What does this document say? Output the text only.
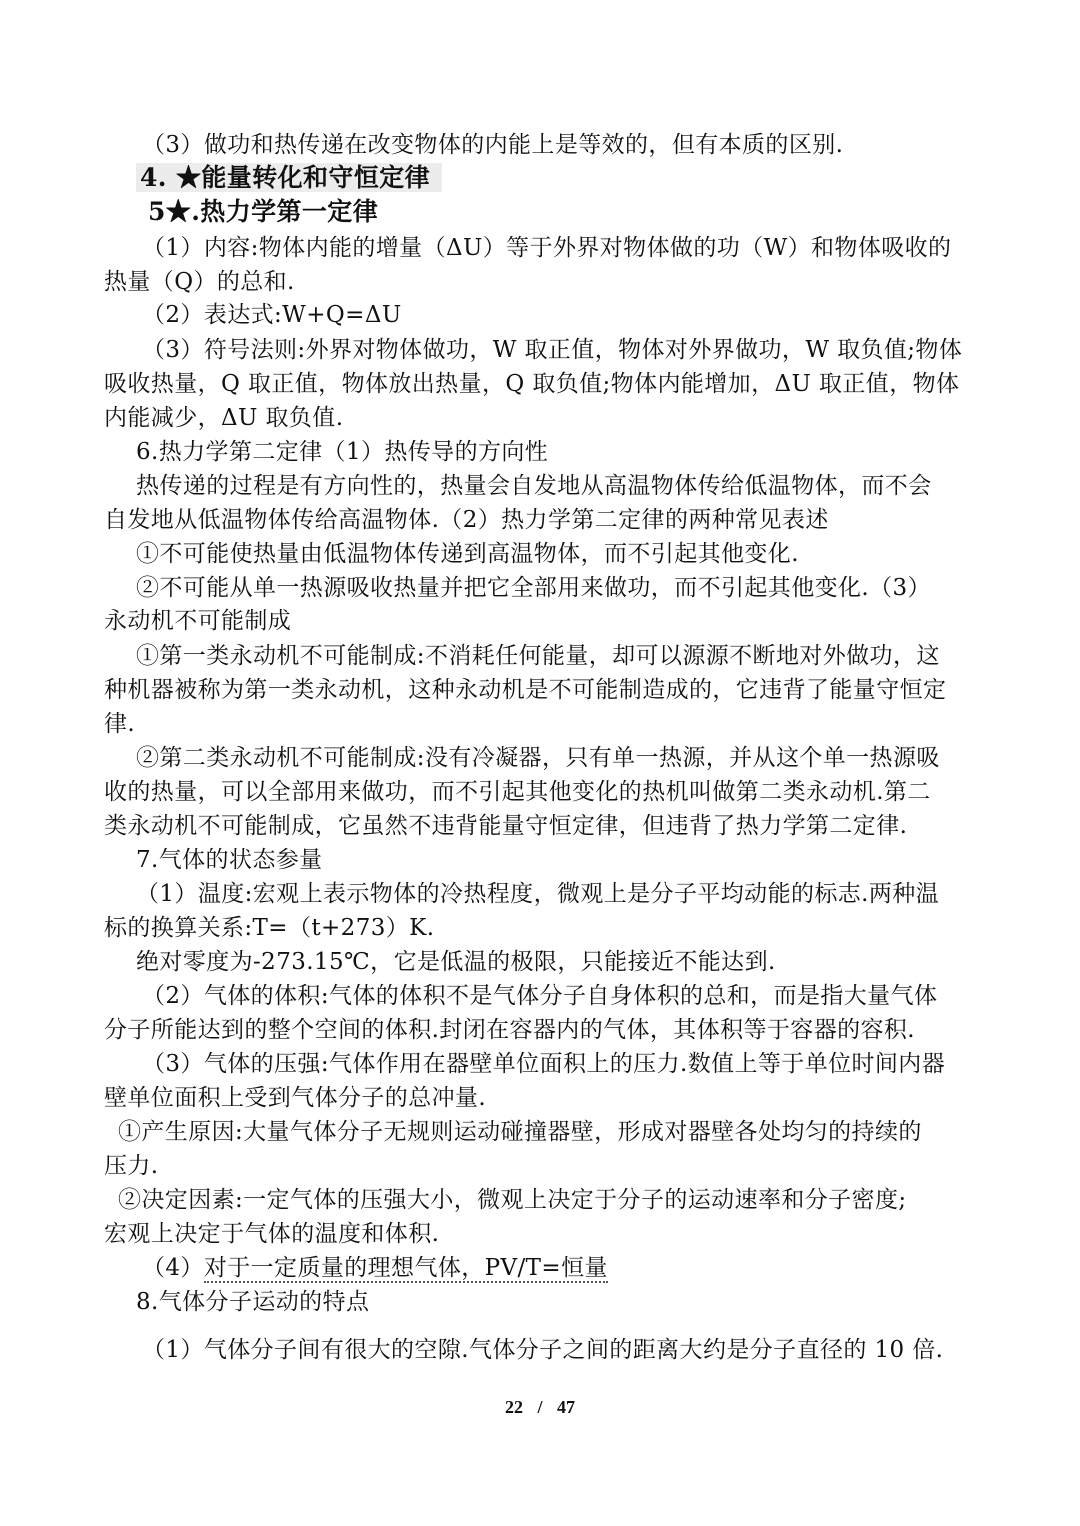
（3）做功和热传递在改变物体的内能上是等效的，但有本质的区别.
4. ★能量转化和守恒定律
5★.热力学第一定律
（1）内容:物体内能的增量（ΔU）等于外界对物体做的功（W）和物体吸收的
热量（Q）的总和.
（2）表达式:W+Q=ΔU
（3）符号法则:外界对物体做功，W 取正值，物体对外界做功，W 取负值;物体
吸收热量，Q 取正值，物体放出热量，Q 取负值;物体内能增加，ΔU 取正值，物体
内能减少，ΔU 取负值.
6.热力学第二定律（1）热传导的方向性
热传递的过程是有方向性的，热量会自发地从高温物体传给低温物体，而不会
自发地从低温物体传给高温物体.（2）热力学第二定律的两种常见表述
①不可能使热量由低温物体传递到高温物体，而不引起其他变化.
②不可能从单一热源吸收热量并把它全部用来做功，而不引起其他变化.（3）
永动机不可能制成
①第一类永动机不可能制成:不消耗任何能量，却可以源源不断地对外做功，这
种机器被称为第一类永动机，这种永动机是不可能制造成的，它违背了能量守恒定
律.
②第二类永动机不可能制成:没有冷凝器，只有单一热源，并从这个单一热源吸
收的热量，可以全部用来做功，而不引起其他变化的热机叫做第二类永动机.第二
类永动机不可能制成，它虽然不违背能量守恒定律，但违背了热力学第二定律.
7.气体的状态参量
（1）温度:宏观上表示物体的冷热程度，微观上是分子平均动能的标志.两种温
标的换算关系:T=（t+273）K.
绝对零度为-273.15℃，它是低温的极限，只能接近不能达到.
（2）气体的体积:气体的体积不是气体分子自身体积的总和，而是指大量气体
分子所能达到的整个空间的体积.封闭在容器内的气体，其体积等于容器的容积.
（3）气体的压强:气体作用在器壁单位面积上的压力.数值上等于单位时间内器
壁单位面积上受到气体分子的总冲量.
①产生原因:大量气体分子无规则运动碰撞器壁，形成对器壁各处均匀的持续的
压力.
②决定因素:一定气体的压强大小，微观上决定于分子的运动速率和分子密度;
宏观上决定于气体的温度和体积.
（4）对于一定质量的理想气体，PV/T=恒量
8.气体分子运动的特点
（1）气体分子间有很大的空隙.气体分子之间的距离大约是分子直径的 10 倍.
22 / 47
